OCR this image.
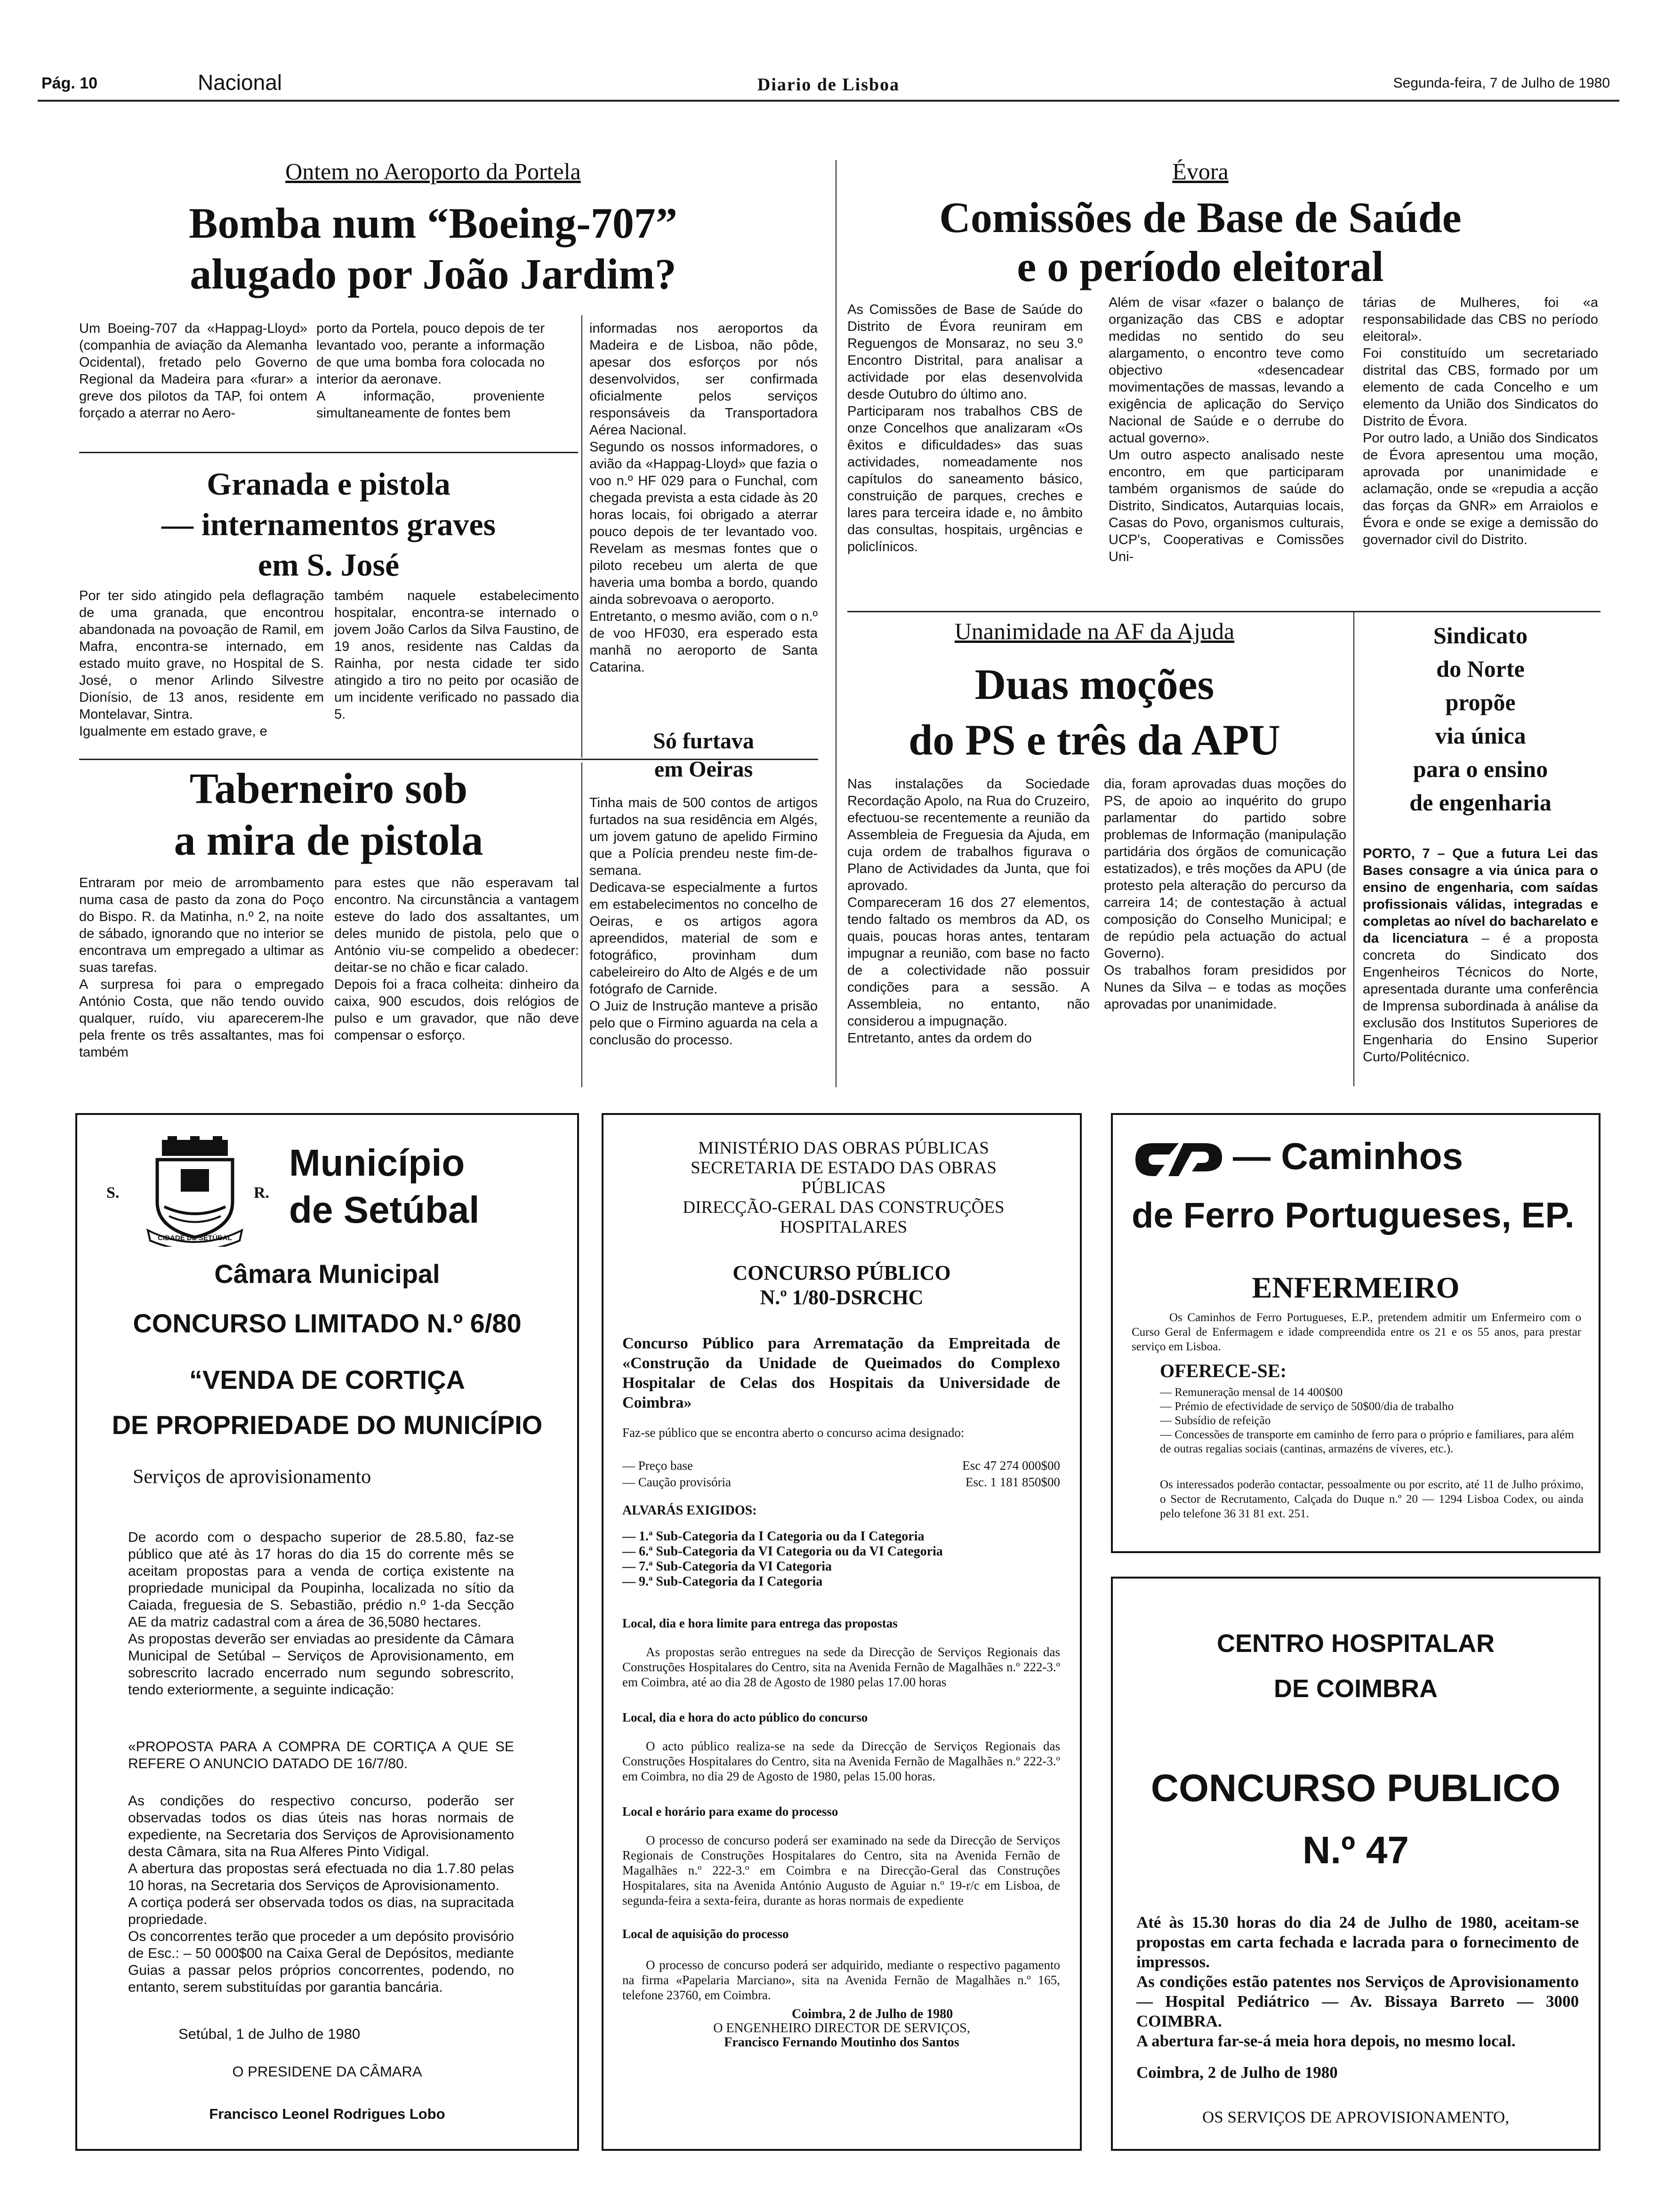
Pág. 10	Nacional	Diario de Lisboa	Segunda-feira, 7 de Julho de 1980
Ontem no Aeroporto da Portela
Bomba num “Boeing-707”
alugado por João Jardim?
Um Boeing-707 da «Happag-Lloyd» (companhia de aviação da Alemanha Ocidental), fretado pelo Governo Regional da Madeira para «furar» a greve dos pilotos da TAP, foi ontem forçado a aterrar no Aero-
porto da Portela, pouco depois de ter levantado voo, perante a informação de que uma bomba fora colocada no interior da aeronave.
A informação, proveniente simultaneamente de fontes bem
informadas nos aeroportos da Madeira e de Lisboa, não pôde, apesar dos esforços por nós desenvolvidos, ser confirmada oficialmente pelos serviços responsáveis da Transportadora Aérea Nacional.
Segundo os nossos informadores, o avião da «Happag-Lloyd» que fazia o voo n.º HF 029 para o Funchal, com chegada prevista a esta cidade às 20 horas locais, foi obrigado a aterrar pouco depois de ter levantado voo. Revelam as mesmas fontes que o piloto recebeu um alerta de que haveria uma bomba a bordo, quando ainda sobrevoava o aeroporto.
Entretanto, o mesmo avião, com o n.º de voo HF030, era esperado esta manhã no aeroporto de Santa Catarina.
Granada e pistola
— internamentos graves
em S. José
Por ter sido atingido pela deflagração de uma granada, que encontrou abandonada na povoação de Ramil, em Mafra, encontra-se internado, em estado muito grave, no Hospital de S. José, o menor Arlindo Silvestre Dionísio, de 13 anos, residente em Montelavar, Sintra.
Igualmente em estado grave, e
também naquele estabelecimento hospitalar, encontra-se internado o jovem João Carlos da Silva Faustino, de 19 anos, residente nas Caldas da Rainha, por nesta cidade ter sido atingido a tiro no peito por ocasião de um incidente verificado no passado dia 5.
Taberneiro sob
a mira de pistola
Entraram por meio de arrombamento numa casa de pasto da zona do Poço do Bispo. R. da Matinha, n.º 2, na noite de sábado, ignorando que no interior se encontrava um empregado a ultimar as suas tarefas.
A surpresa foi para o empregado António Costa, que não tendo ouvido qualquer, ruído, viu aparecerem-lhe pela frente os três assaltantes, mas foi também
para estes que não esperavam tal encontro. Na circunstância a vantagem esteve do lado dos assaltantes, um deles munido de pistola, pelo que o António viu-se compelido a obedecer: deitar-se no chão e ficar calado.
Depois foi a fraca colheita: dinheiro da caixa, 900 escudos, dois relógios de pulso e um gravador, que não deve compensar o esforço.
Só furtava
em Oeiras
Tinha mais de 500 contos de artigos furtados na sua residência em Algés, um jovem gatuno de apelido Firmino que a Polícia prendeu neste fim-de-semana.
Dedicava-se especialmente a furtos em estabelecimentos no concelho de Oeiras, e os artigos agora apreendidos, material de som e fotográfico, provinham dum cabeleireiro do Alto de Algés e de um fotógrafo de Carnide.
O Juiz de Instrução manteve a prisão pelo que o Firmino aguarda na cela a conclusão do processo.
Évora
Comissões de Base de Saúde
e o período eleitoral
As Comissões de Base de Saúde do Distrito de Évora reuniram em Reguengos de Monsaraz, no seu 3.º Encontro Distrital, para analisar a actividade por elas desenvolvida desde Outubro do último ano.
Participaram nos trabalhos CBS de onze Concelhos que analizaram «Os êxitos e dificuldades» das suas actividades, nomeadamente nos capítulos do saneamento básico, construição de parques, creches e lares para terceira idade e, no âmbito das consultas, hospitais, urgências e policlínicos.
Além de visar «fazer o balanço de organização das CBS e adoptar medidas no sentido do seu alargamento, o encontro teve como objectivo «desencadear movimentações de massas, levando a exigência de aplicação do Serviço Nacional de Saúde e o derrube do actual governo».
Um outro aspecto analisado neste encontro, em que participaram também organismos de saúde do Distrito, Sindicatos, Autarquias locais, Casas do Povo, organismos culturais, UCP's, Cooperativas e Comissões Uni-
tárias de Mulheres, foi «a responsabilidade das CBS no período eleitoral».
Foi constituído um secretariado distrital das CBS, formado por um elemento de cada Concelho e um elemento da União dos Sindicatos do Distrito de Évora.
Por outro lado, a União dos Sindicatos de Évora apresentou uma moção, aprovada por unanimidade e aclamação, onde se «repudia a acção das forças da GNR» em Arraiolos e Évora e onde se exige a demissão do governador civil do Distrito.
Unanimidade na AF da Ajuda
Duas moções
do PS e três da APU
Nas instalações da Sociedade Recordação Apolo, na Rua do Cruzeiro, efectuou-se recentemente a reunião da Assembleia de Freguesia da Ajuda, em cuja ordem de trabalhos figurava o Plano de Actividades da Junta, que foi aprovado.
Compareceram 16 dos 27 elementos, tendo faltado os membros da AD, os quais, poucas horas antes, tentaram impugnar a reunião, com base no facto de a colectividade não possuir condições para a sessão. A Assembleia, no entanto, não considerou a impugnação.
Entretanto, antes da ordem do
dia, foram aprovadas duas moções do PS, de apoio ao inquérito do grupo parlamentar do partido sobre problemas de Informação (manipulação partidária dos órgãos de comunicação estatizados), e três moções da APU (de protesto pela alteração do percurso da carreira 14; de contestação à actual composição do Conselho Municipal; e de repúdio pela actuação do actual Governo).
Os trabalhos foram presididos por Nunes da Silva – e todas as moções aprovadas por unanimidade.
Sindicato
do Norte
propõe
via única
para o ensino
de engenharia

PORTO, 7 – Que a futura Lei das Bases consagre a via única para o ensino de engenharia, com saídas profissionais válidas, integradas e completas ao nível do bacharelato e da licenciatura – é a proposta concreta do Sindicato dos Engenheiros Técnicos do Norte, apresentada durante uma conferência de Imprensa subordinada à análise da exclusão dos Institutos Superiores de Engenharia do Ensino Superior Curto/Politécnico.

S.	R.
CIDADE DE SETÚBAL
Município
de Setúbal
Câmara Municipal
CONCURSO LIMITADO N.º 6/80
“VENDA DE CORTIÇA
DE PROPRIEDADE DO MUNICÍPIO
Serviços de aprovisionamento
De acordo com o despacho superior de 28.5.80, faz-se público que até às 17 horas do dia 15 do corrente mês se aceitam propostas para a venda de cortiça existente na propriedade municipal da Poupinha, localizada no sítio da Caiada, freguesia de S. Sebastião, prédio n.º 1-da Secção AE da matriz cadastral com a área de 36,5080 hectares.
As propostas deverão ser enviadas ao presidente da Câmara Municipal de Setúbal – Serviços de Aprovisionamento, em sobrescrito lacrado encerrado num segundo sobrescrito, tendo exteriormente, a seguinte indicação:
«PROPOSTA PARA A COMPRA DE CORTIÇA A QUE SE REFERE O ANUNCIO DATADO DE 16/7/80.
As condições do respectivo concurso, poderão ser observadas todos os dias úteis nas horas normais de expediente, na Secretaria dos Serviços de Aprovisionamento desta Câmara, sita na Rua Alferes Pinto Vidigal.
A abertura das propostas será efectuada no dia 1.7.80 pelas 10 horas, na Secretaria dos Serviços de Aprovisionamento.
A cortiça poderá ser observada todos os dias, na supracitada propriedade.
Os concorrentes terão que proceder a um depósito provisório de Esc.: – 50 000$00 na Caixa Geral de Depósitos, mediante Guias a passar pelos próprios concorrentes, podendo, no entanto, serem substituídas por garantia bancária.
Setúbal, 1 de Julho de 1980
O PRESIDENE DA CÂMARA
Francisco Leonel Rodrigues Lobo
MINISTÉRIO DAS OBRAS PÚBLICAS
SECRETARIA DE ESTADO DAS OBRAS PÚBLICAS
DIRECÇÃO-GERAL DAS CONSTRUÇÕES HOSPITALARES
CONCURSO PÚBLICO
N.º 1/80-DSRCHC
Concurso Público para Arrematação da Empreitada de «Construção da Unidade de Queimados do Complexo Hospitalar de Celas dos Hospitais da Universidade de Coimbra»
Faz-se público que se encontra aberto o concurso acima designado:
— Preço base	Esc 47 274 000$00
— Caução provisória	Esc. 1 181 850$00
ALVARÁS EXIGIDOS:
— 1.ª Sub-Categoria da I Categoria ou da I Categoria
— 6.ª Sub-Categoria da VI Categoria ou da VI Categoria
— 7.ª Sub-Categoria da VI Categoria
— 9.ª Sub-Categoria da I Categoria
Local, dia e hora limite para entrega das propostas
As propostas serão entregues na sede da Direcção de Serviços Regionais das Construções Hospitalares do Centro, sita na Avenida Fernão de Magalhães n.º 222-3.º em Coimbra, até ao dia 28 de Agosto de 1980 pelas 17.00 horas
Local, dia e hora do acto público do concurso
O acto público realiza-se na sede da Direcção de Serviços Regionais das Construções Hospitalares do Centro, sita na Avenida Fernão de Magalhães n.º 222-3.º em Coimbra, no dia 29 de Agosto de 1980, pelas 15.00 horas.
Local e horário para exame do processo
O processo de concurso poderá ser examinado na sede da Direcção de Serviços Regionais de Construções Hospitalares do Centro, sita na Avenida Fernão de Magalhães n.º 222-3.º em Coimbra e na Direcção-Geral das Construções Hospitalares, sita na Avenida António Augusto de Aguiar n.º 19-r/c em Lisboa, de segunda-feira a sexta-feira, durante as horas normais de expediente
Local de aquisição do processo
O processo de concurso poderá ser adquirido, mediante o respectivo pagamento na firma «Papelaria Marciano», sita na Avenida Fernão de Magalhães n.º 165, telefone 23760, em Coimbra.
Coimbra, 2 de Julho de 1980
O ENGENHEIRO DIRECTOR DE SERVIÇOS,
Francisco Fernando Moutinho dos Santos
— Caminhos
de Ferro Portugueses, EP.
ENFERMEIRO
Os Caminhos de Ferro Portugueses, E.P., pretendem admitir um Enfermeiro com o Curso Geral de Enfermagem e idade compreendida entre os 21 e os 55 anos, para prestar serviço em Lisboa.
OFERECE-SE:
— Remuneração mensal de 14 400$00
— Prémio de efectividade de serviço de 50$00/dia de trabalho
— Subsídio de refeição
— Concessões de transporte em caminho de ferro para o próprio e familiares, para além de outras regalias sociais (cantinas, armazéns de víveres, etc.).
Os interessados poderão contactar, pessoalmente ou por escrito, até 11 de Julho próximo, o Sector de Recrutamento, Calçada do Duque n.º 20 — 1294 Lisboa Codex, ou ainda pelo telefone 36 31 81 ext. 251.
CENTRO HOSPITALAR
DE COIMBRA
CONCURSO PUBLICO
N.º 47
Até às 15.30 horas do dia 24 de Julho de 1980, aceitam-se propostas em carta fechada e lacrada para o fornecimento de impressos.
As condições estão patentes nos Serviços de Aprovisionamento — Hospital Pediátrico — Av. Bissaya Barreto — 3000 COIMBRA.
A abertura far-se-á meia hora depois, no mesmo local.
Coimbra, 2 de Julho de 1980
OS SERVIÇOS DE APROVISIONAMENTO,
